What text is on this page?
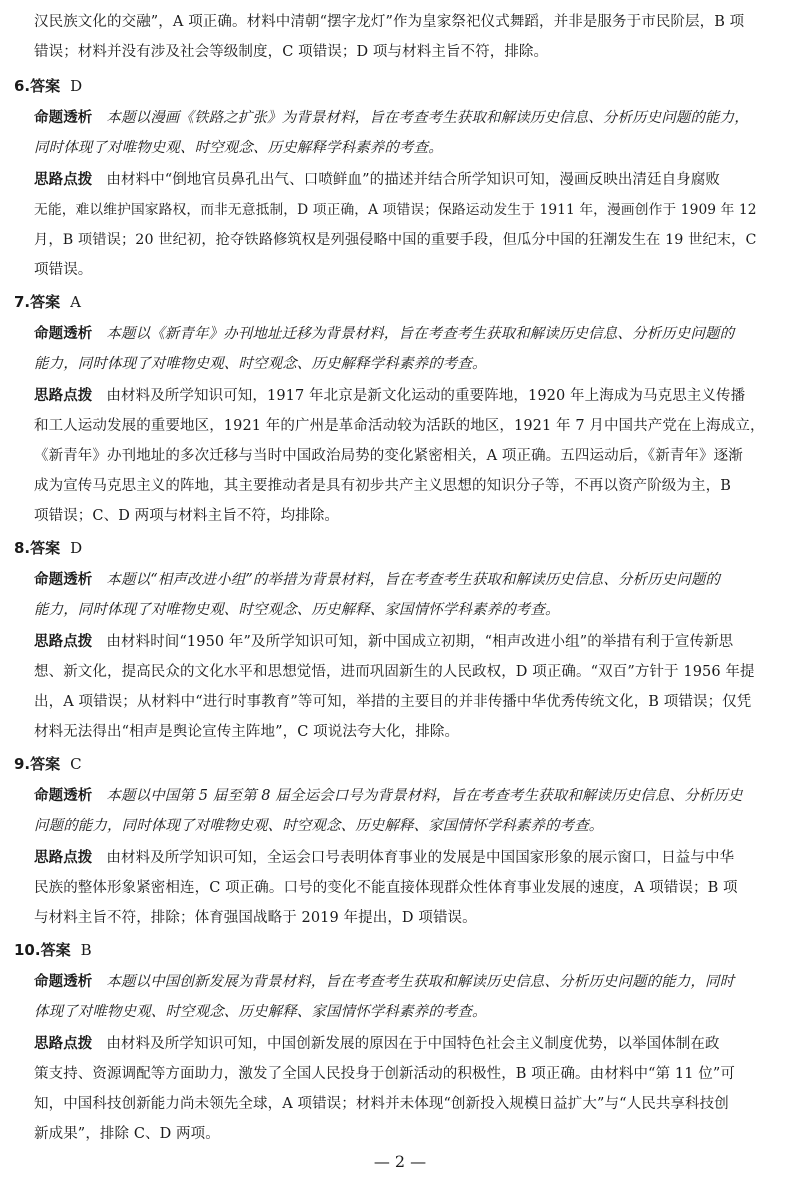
汉民族文化的交融”，A 项正确。材料中清朝“摆字龙灯”作为皇家祭祀仪式舞蹈，并非是服务于市民阶层，B 项
错误；材料并没有涉及社会等级制度，C 项错误；D 项与材料主旨不符，排除。
6.答案 D
命题透析 本题以漫画《铁路之扩张》为背景材料，旨在考查考生获取和解读历史信息、分析历史问题的能力，
同时体现了对唯物史观、时空观念、历史解释学科素养的考查。
思路点拨 由材料中“倒地官员鼻孔出气、口喷鲜血”的描述并结合所学知识可知，漫画反映出清廷自身腐败
无能，难以维护国家路权，而非无意抵制，D 项正确，A 项错误；保路运动发生于 1911 年，漫画创作于 1909 年 12
月，B 项错误；20 世纪初，抢夺铁路修筑权是列强侵略中国的重要手段，但瓜分中国的狂潮发生在 19 世纪末，C
项错误。
7.答案 A
命题透析 本题以《新青年》办刊地址迁移为背景材料，旨在考查考生获取和解读历史信息、分析历史问题的
能力，同时体现了对唯物史观、时空观念、历史解释学科素养的考查。
思路点拨 由材料及所学知识可知，1917 年北京是新文化运动的重要阵地，1920 年上海成为马克思主义传播
和工人运动发展的重要地区，1921 年的广州是革命活动较为活跃的地区，1921 年 7 月中国共产党在上海成立，
《新青年》办刊地址的多次迁移与当时中国政治局势的变化紧密相关，A 项正确。五四运动后，《新青年》逐渐
成为宣传马克思主义的阵地，其主要推动者是具有初步共产主义思想的知识分子等，不再以资产阶级为主，B
项错误；C、D 两项与材料主旨不符，均排除。
8.答案 D
命题透析 本题以“相声改进小组”的举措为背景材料，旨在考查考生获取和解读历史信息、分析历史问题的
能力，同时体现了对唯物史观、时空观念、历史解释、家国情怀学科素养的考查。
思路点拨 由材料时间“1950 年”及所学知识可知，新中国成立初期，“相声改进小组”的举措有利于宣传新思
想、新文化，提高民众的文化水平和思想觉悟，进而巩固新生的人民政权，D 项正确。“双百”方针于 1956 年提
出，A 项错误；从材料中“进行时事教育”等可知，举措的主要目的并非传播中华优秀传统文化，B 项错误；仅凭
材料无法得出“相声是舆论宣传主阵地”，C 项说法夸大化，排除。
9.答案 C
命题透析 本题以中国第 5 届至第 8 届全运会口号为背景材料，旨在考查考生获取和解读历史信息、分析历史
问题的能力，同时体现了对唯物史观、时空观念、历史解释、家国情怀学科素养的考查。
思路点拨 由材料及所学知识可知，全运会口号表明体育事业的发展是中国国家形象的展示窗口，日益与中华
民族的整体形象紧密相连，C 项正确。口号的变化不能直接体现群众性体育事业发展的速度，A 项错误；B 项
与材料主旨不符，排除；体育强国战略于 2019 年提出，D 项错误。
10.答案 B
命题透析 本题以中国创新发展为背景材料，旨在考查考生获取和解读历史信息、分析历史问题的能力，同时
体现了对唯物史观、时空观念、历史解释、家国情怀学科素养的考查。
思路点拨 由材料及所学知识可知，中国创新发展的原因在于中国特色社会主义制度优势，以举国体制在政
策支持、资源调配等方面助力，激发了全国人民投身于创新活动的积极性，B 项正确。由材料中“第 11 位”可
知，中国科技创新能力尚未领先全球，A 项错误；材料并未体现“创新投入规模日益扩大”与“人民共享科技创
新成果”，排除 C、D 两项。
— 2 —
